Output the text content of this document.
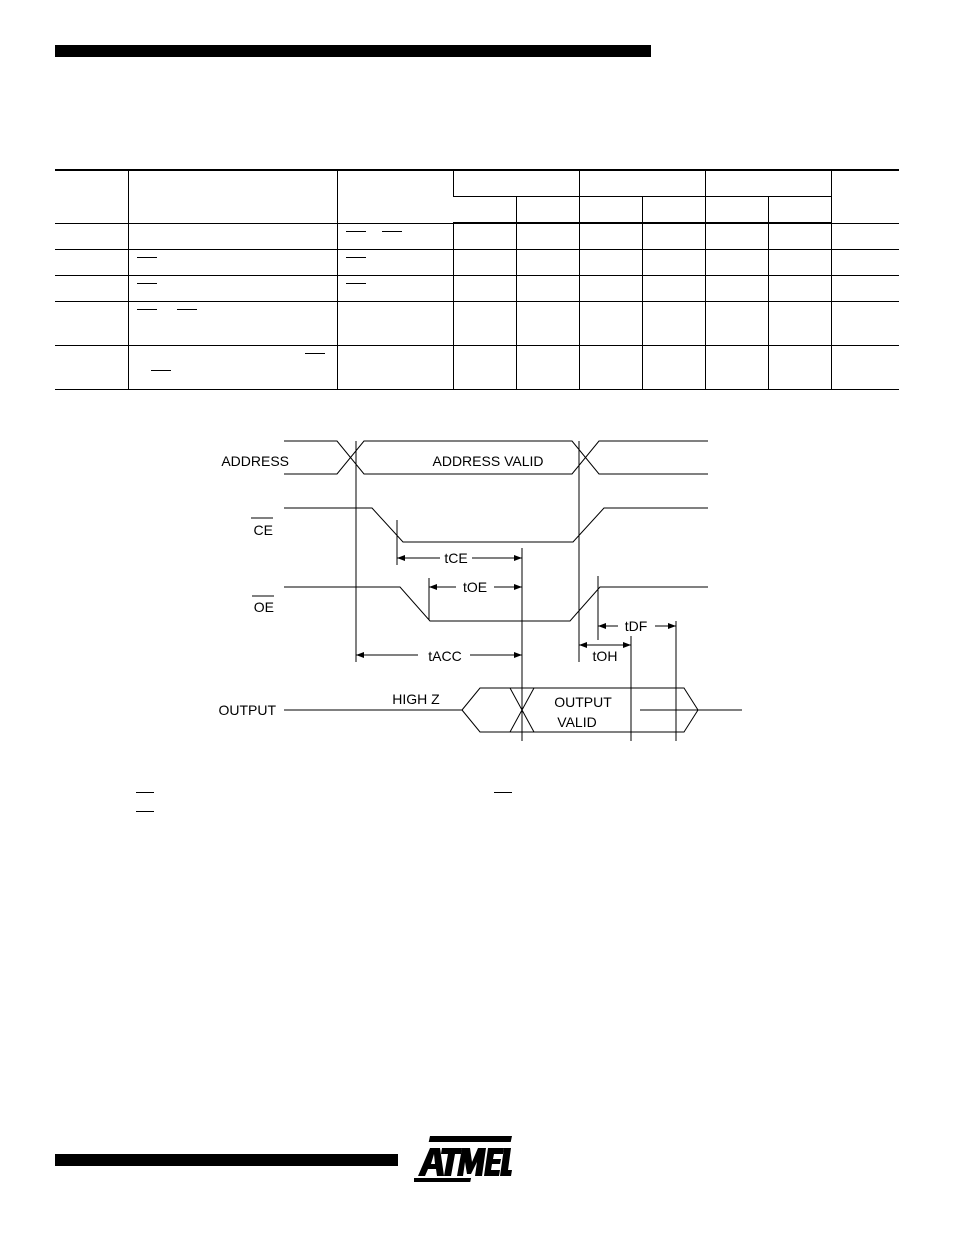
ADDRESS
CE
OE
OUTPUT
ADDRESS VALID
HIGH Z	OUTPUT
VALID
tCE
tOE
tACC	tOH
tDF
